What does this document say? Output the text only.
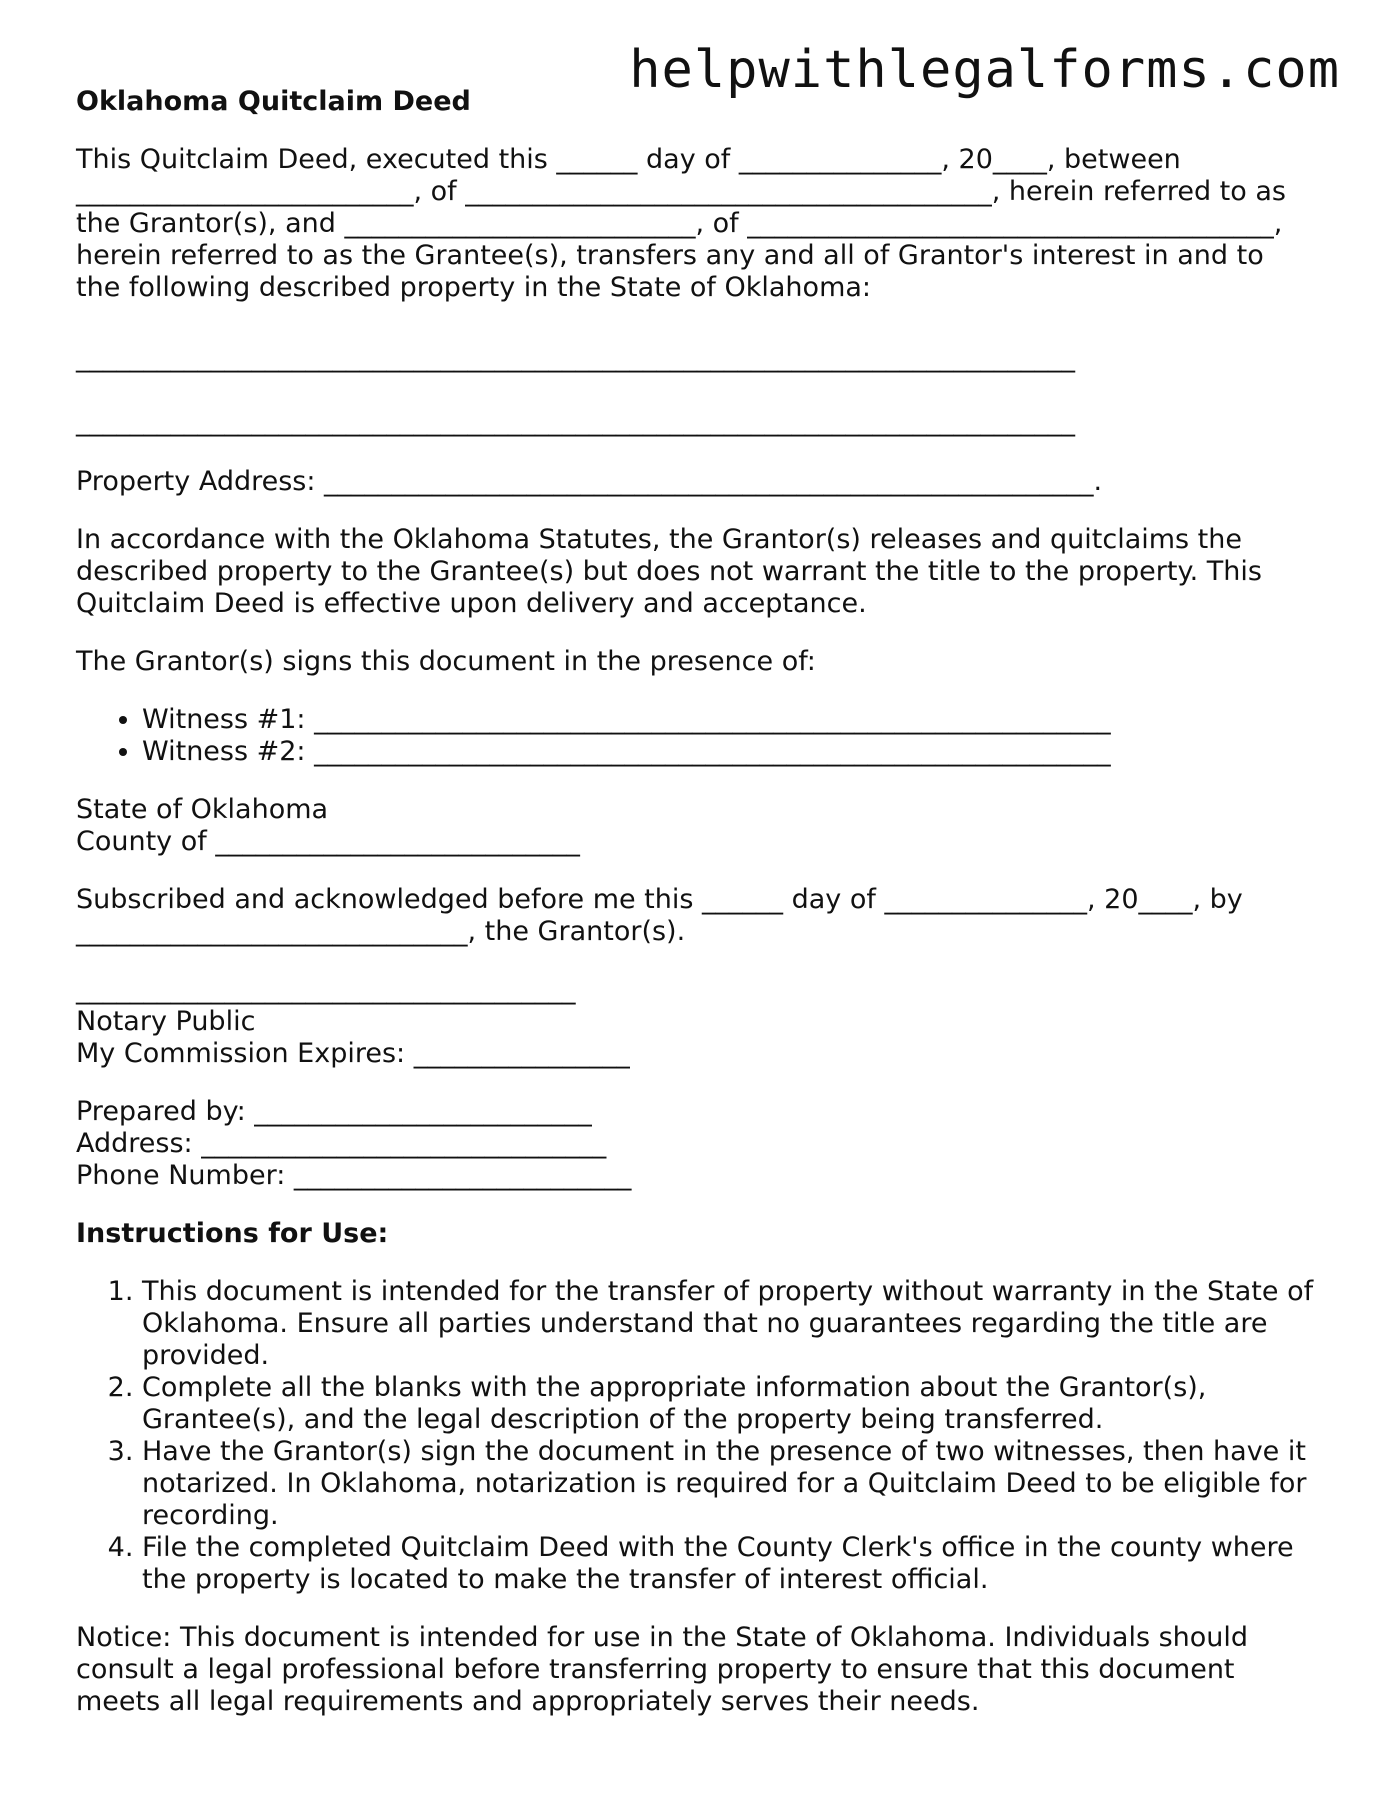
helpwithlegalforms.com

Oklahoma Quitclaim Deed

This Quitclaim Deed, executed this ______ day of _______________, 20____, between

_________________________, of _______________________________________, herein referred to as

the Grantor(s), and __________________________, of _______________________________________,

herein referred to as the Grantee(s), transfers any and all of Grantor's interest in and to

the following described property in the State of Oklahoma:

__________________________________________________________________________

__________________________________________________________________________

Property Address: _________________________________________________________.

In accordance with the Oklahoma Statutes, the Grantor(s) releases and quitclaims the

described property to the Grantee(s) but does not warrant the title to the property. This

Quitclaim Deed is effective upon delivery and acceptance.

The Grantor(s) signs this document in the presence of:

• Witness #1: ___________________________________________________________
• Witness #2: ___________________________________________________________

State of Oklahoma

County of ___________________________

Subscribed and acknowledged before me this ______ day of _______________, 20____, by

_____________________________, the Grantor(s).

_____________________________________

Notary Public

My Commission Expires: ________________

Prepared by: _________________________

Address: ______________________________

Phone Number: _________________________

Instructions for Use:

1. This document is intended for the transfer of property without warranty in the State of Oklahoma. Ensure all parties understand that no guarantees regarding the title are provided.
2. Complete all the blanks with the appropriate information about the Grantor(s), Grantee(s), and the legal description of the property being transferred.
3. Have the Grantor(s) sign the document in the presence of two witnesses, then have it notarized. In Oklahoma, notarization is required for a Quitclaim Deed to be eligible for recording.
4. File the completed Quitclaim Deed with the County Clerk's office in the county where the property is located to make the transfer of interest official.

Notice: This document is intended for use in the State of Oklahoma. Individuals should consult a legal professional before transferring property to ensure that this document meets all legal requirements and appropriately serves their needs.
